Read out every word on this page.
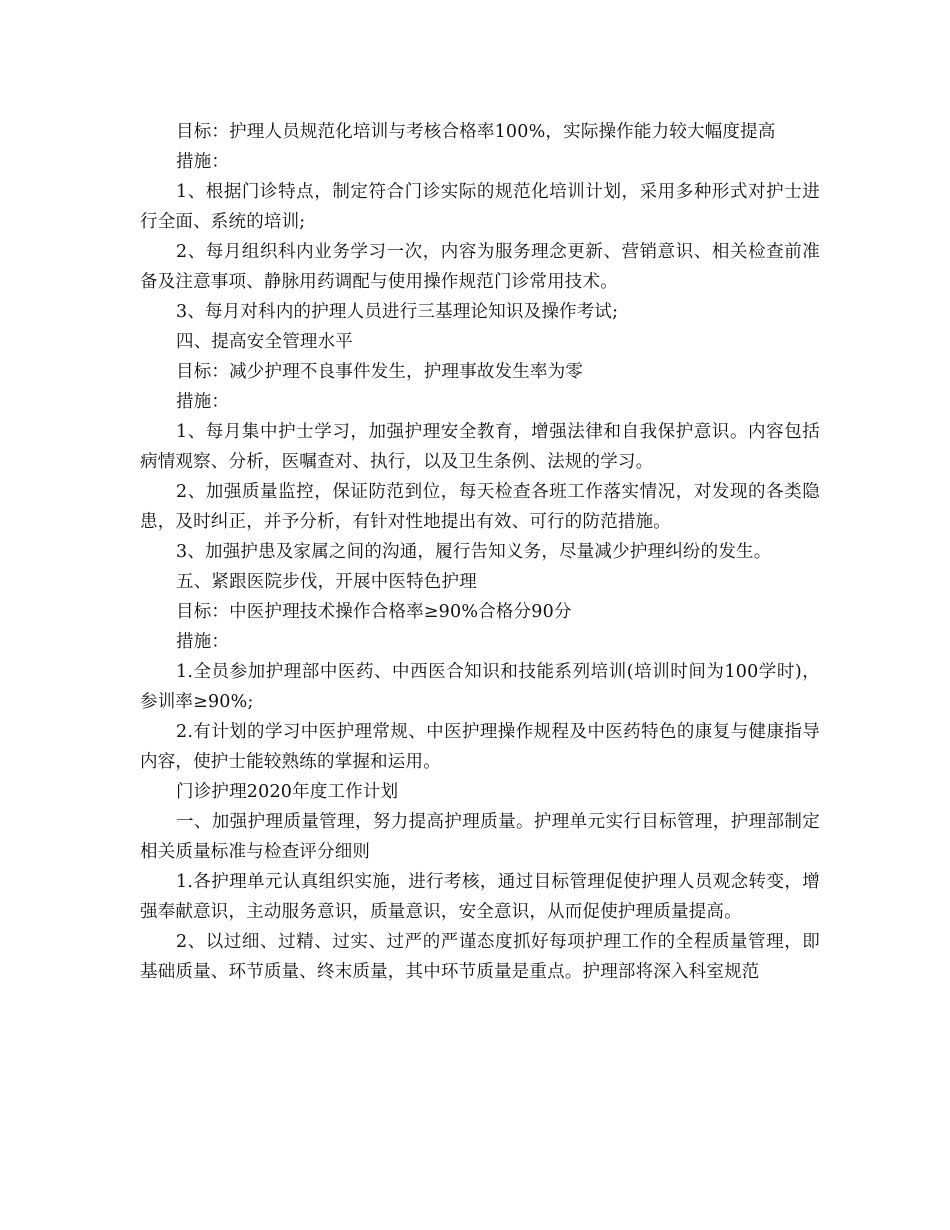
目标：护理人员规范化培训与考核合格率100%，实际操作能力较大幅度提高

措施：

1、根据门诊特点，制定符合门诊实际的规范化培训计划，采用多种形式对护士进行全面、系统的培训;

2、每月组织科内业务学习一次，内容为服务理念更新、营销意识、相关检查前准备及注意事项、静脉用药调配与使用操作规范门诊常用技术。

3、每月对科内的护理人员进行三基理论知识及操作考试;

四、提高安全管理水平

目标：减少护理不良事件发生，护理事故发生率为零

措施：

1、每月集中护士学习，加强护理安全教育，增强法律和自我保护意识。内容包括病情观察、分析，医嘱查对、执行，以及卫生条例、法规的学习。

2、加强质量监控，保证防范到位，每天检查各班工作落实情况，对发现的各类隐患，及时纠正，并予分析，有针对性地提出有效、可行的防范措施。

3、加强护患及家属之间的沟通，履行告知义务，尽量减少护理纠纷的发生。

五、紧跟医院步伐，开展中医特色护理

目标：中医护理技术操作合格率≥90%合格分90分

措施：

1.全员参加护理部中医药、中西医合知识和技能系列培训(培训时间为100学时)，参训率≥90%;

2.有计划的学习中医护理常规、中医护理操作规程及中医药特色的康复与健康指导内容，使护士能较熟练的掌握和运用。

门诊护理2020年度工作计划

一、加强护理质量管理，努力提高护理质量。护理单元实行目标管理，护理部制定相关质量标准与检查评分细则

1.各护理单元认真组织实施，进行考核，通过目标管理促使护理人员观念转变，增强奉献意识，主动服务意识，质量意识，安全意识，从而促使护理质量提高。

2、以过细、过精、过实、过严的严谨态度抓好每项护理工作的全程质量管理，即基础质量、环节质量、终末质量，其中环节质量是重点。护理部将深入科室规范
